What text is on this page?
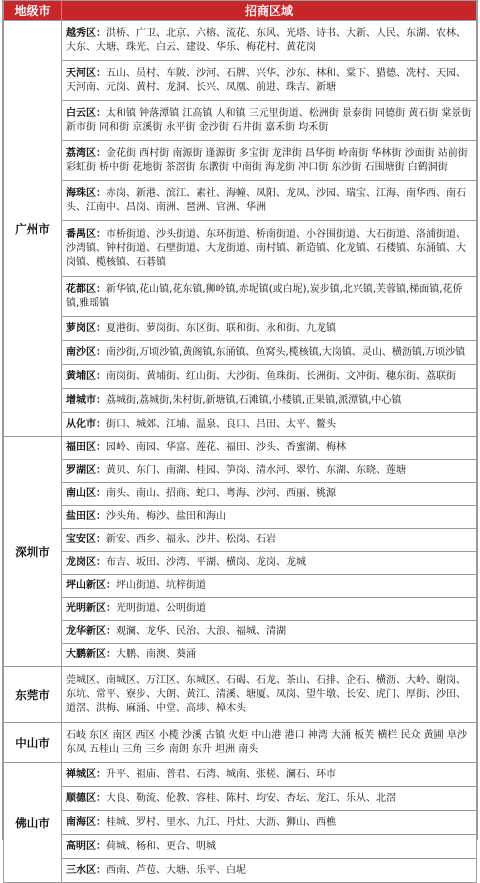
地级市	招商区域
广州市	越秀区：洪桥、广卫、北京、六榕、流花、东风、光塔、诗书、大新、人民、东湖、农林、大东、大塘、珠光、白云、建设、华乐、梅花村、黄花岗
	天河区：五山、员村、车陂、沙河、石牌、兴华、沙东、林和、棠下、猎德、冼村、天园、天河南、元岗、黄村、龙洞、长兴、凤凰、前进、珠吉、新塘
	白云区：太和镇 钟落潭镇 江高镇 人和镇 三元里街道、松洲街 景泰街 同德街 黄石街 棠景街 新市街 同和街 京溪街 永平街 金沙街 石井街 嘉禾街 均禾街
	荔湾区：金花街 西村街 南源街 逢源街 多宝街 龙津街 昌华街 岭南街 华林街 沙面街 站前街 彩虹街 桥中街 花地街 茶滘街 东漖街 中南街 海龙街 冲口街 东沙街 石围塘街 白鹤洞街
	海珠区：赤岗、新港、滨江、素社、海幢、凤阳、龙凤、沙园、瑞宝、江海、南华西、南石头、江南中、昌岗、南洲、琶洲、官洲、华洲
	番禺区：市桥街道、沙头街道、东环街道、桥南街道、小谷围街道、大石街道、洛浦街道、沙湾镇、钟村街道、石壁街道、大龙街道、南村镇、新造镇、化龙镇、石楼镇、东涌镇、大岗镇、榄核镇、石碁镇
	花都区：新华镇,花山镇,花东镇,狮岭镇,赤坭镇(或白坭),炭步镇,北兴镇,芙蓉镇,梯面镇,花侨镇,雅瑶镇
	萝岗区：夏港街、萝岗街、东区街、联和街、永和街、九龙镇
	南沙区：南沙街,万顷沙镇,黄阁镇,东涌镇、鱼窝头,榄核镇,大岗镇、灵山、横沥镇,万顷沙镇
	黄埔区：南岗街、黄埔街、红山街、大沙街、鱼珠街、长洲街、文冲街、穗东街、荔联街
	增城市：荔城街,荔城街,朱村街,新塘镇,石滩镇,小楼镇,正果镇,派潭镇,中心镇
	从化市：街口、城郊、江埔、温泉、良口、吕田、太平、鳌头
深圳市	福田区：园岭、南园、华富、莲花、福田、沙头、香蜜湖、梅林
	罗湖区：黄贝、东门、南湖、桂园、笋岗、清水河、翠竹、东湖、东晓、莲塘
	南山区：南头、南山、招商、蛇口、粤海、沙河、西丽、桃源
	盐田区：沙头角、梅沙、盐田和海山
	宝安区：新安、西乡、福永、沙井、松岗、石岩
	龙岗区：布吉、坂田、沙湾、平湖、横岗、龙岗、龙城
	坪山新区：坪山街道、坑梓街道
	光明新区：光明街道、公明街道
	龙华新区：观澜、龙华、民治、大浪、福城、清湖
	大鹏新区：大鹏、南澳、葵涌
东莞市	莞城区、南城区、万江区、东城区、石碣、石龙、茶山、石排、企石、横沥、大岭、谢岗、东坑、常平、寮步、大朗、黄江、清溪、塘厦、凤岗、望牛墩、长安、虎门、厚街、沙田、道滘、洪梅、麻涌、中堂、高埗、樟木头
中山市	石岐 东区 南区 西区 小榄 沙溪 古镇 火炬 中山港 港口 神湾 大涌 板芙 横栏 民众 黄圃 阜沙 东凤 五桂山 三角 三乡 南朗 东升 坦洲 南头
佛山市	禅城区：升平、祖庙、普君、石湾、城南、张槎、澜石、环市
	顺德区：大良、勒流、伦教、容桂、陈村、均安、杏坛、龙江、乐从、北滘
	南海区：桂城、罗村、里水、九江、丹灶、大沥、狮山、西樵
	高明区：荷城、杨和、更合、明城
	三水区：西南、芦苞、大塘、乐平、白坭
